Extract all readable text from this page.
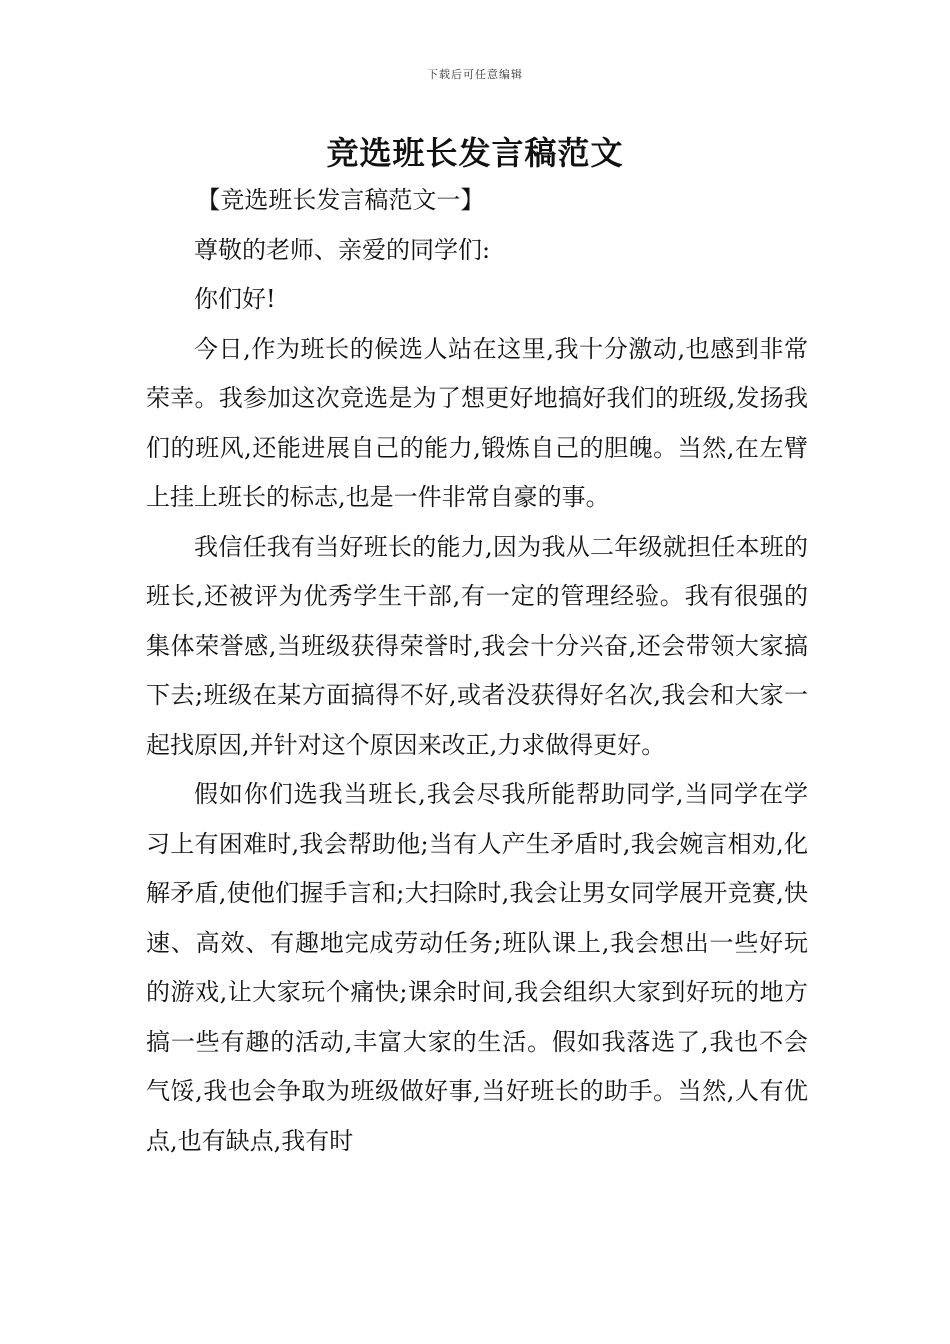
下载后可任意编辑
竞选班长发言稿范文

【竞选班长发言稿范文一】

尊敬的老师、亲爱的同学们:

你们好!

今日,作为班长的候选人站在这里,我十分激动,也感到非常荣幸。我参加这次竞选是为了想更好地搞好我们的班级,发扬我们的班风,还能进展自己的能力,锻炼自己的胆魄。当然,在左臂上挂上班长的标志,也是一件非常自豪的事。

我信任我有当好班长的能力,因为我从二年级就担任本班的班长,还被评为优秀学生干部,有一定的管理经验。我有很强的集体荣誉感,当班级获得荣誉时,我会十分兴奋,还会带领大家搞下去;班级在某方面搞得不好,或者没获得好名次,我会和大家一起找原因,并针对这个原因来改正,力求做得更好。

假如你们选我当班长,我会尽我所能帮助同学,当同学在学习上有困难时,我会帮助他;当有人产生矛盾时,我会婉言相劝,化解矛盾,使他们握手言和;大扫除时,我会让男女同学展开竞赛,快速、高效、有趣地完成劳动任务;班队课上,我会想出一些好玩的游戏,让大家玩个痛快;课余时间,我会组织大家到好玩的地方搞一些有趣的活动,丰富大家的生活。假如我落选了,我也不会气馁,我也会争取为班级做好事,当好班长的助手。当然,人有优点,也有缺点,我有时
